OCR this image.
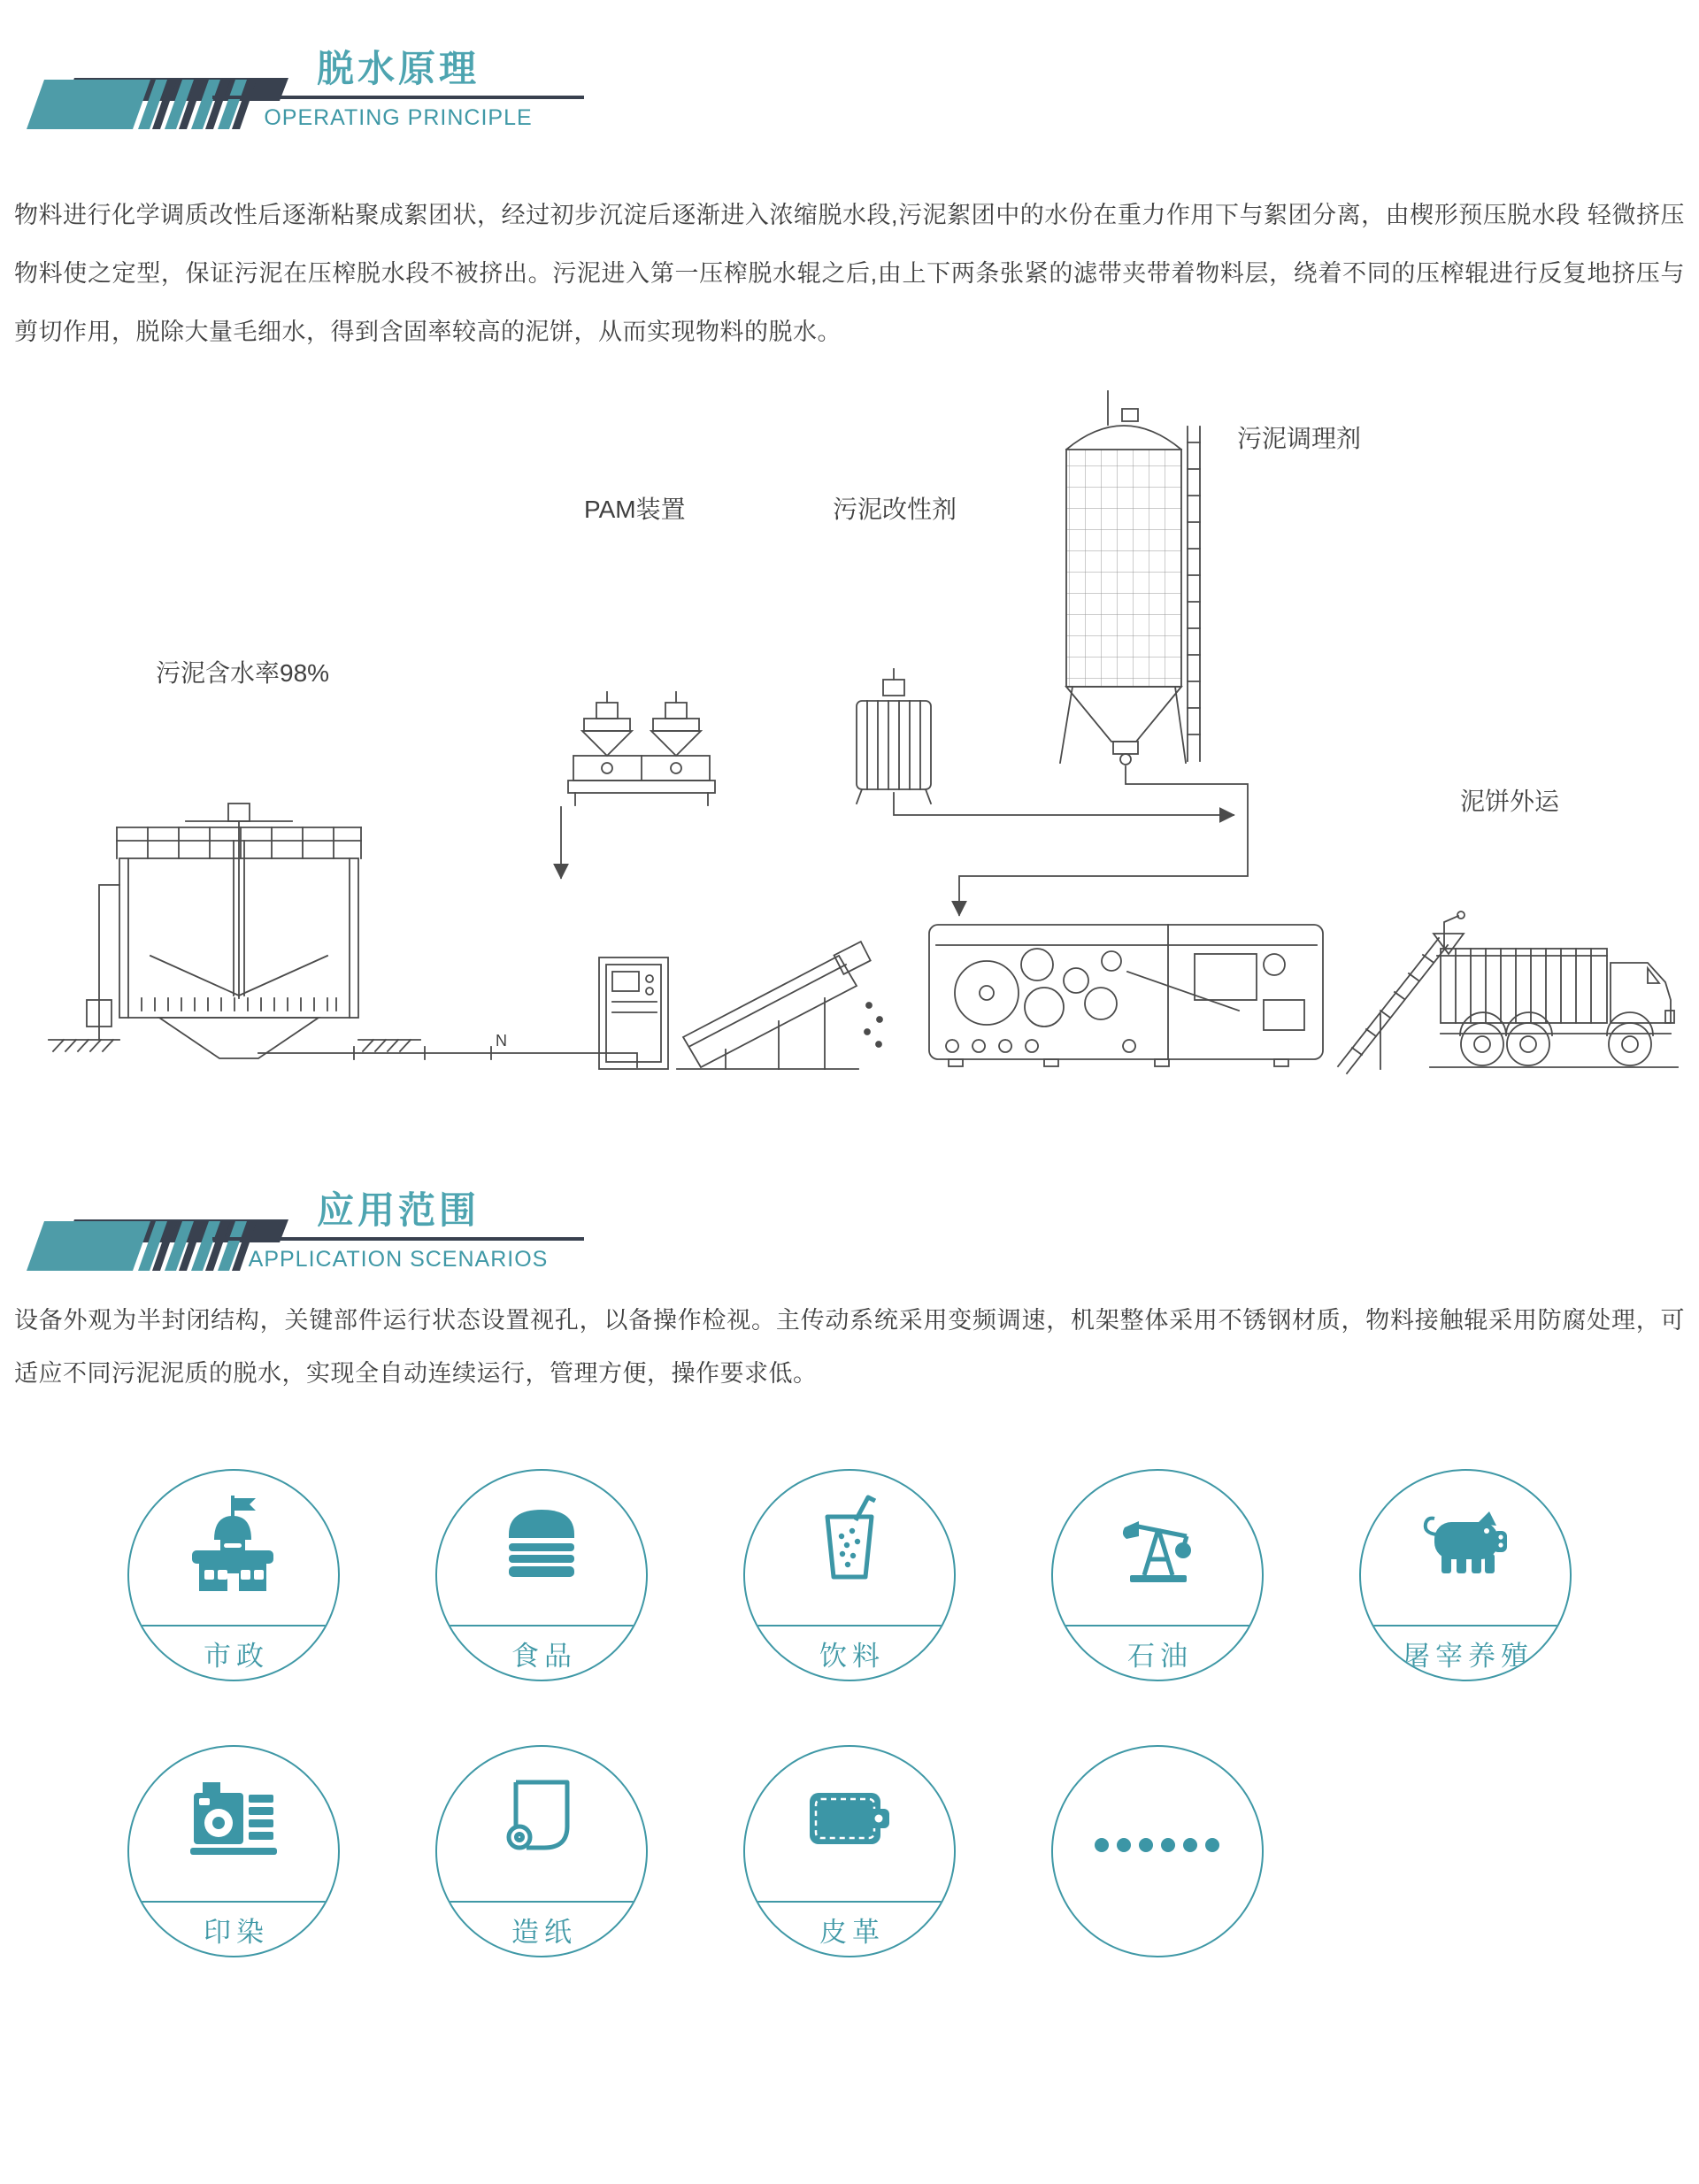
脱水原理
OPERATING PRINCIPLE

物料进行化学调质改性后逐渐粘聚成絮团状，经过初步沉淀后逐渐进入浓缩脱水段,污泥絮团中的水份在重力作用下与絮团分离，由楔形预压脱水段 轻微挤压物料使之定型，保证污泥在压榨脱水段不被挤出。污泥进入第一压榨脱水辊之后,由上下两条张紧的滤带夹带着物料层，绕着不同的压榨辊进行反复地挤压与剪切作用，脱除大量毛细水，得到含固率较高的泥饼，从而实现物料的脱水。

污泥含水率98%
PAM装置	污泥改性剂
污泥调理剂
泥饼外运
N
应用范围
APPLICATION SCENARIOS

设备外观为半封闭结构，关键部件运行状态设置视孔，以备操作检视。主传动系统采用变频调速，机架整体采用不锈钢材质，物料接触辊采用防腐处理，可适应不同污泥泥质的脱水，实现全自动连续运行，管理方便，操作要求低。

市政	食品	饮料	石油	屠宰养殖
印染	造纸	皮革
